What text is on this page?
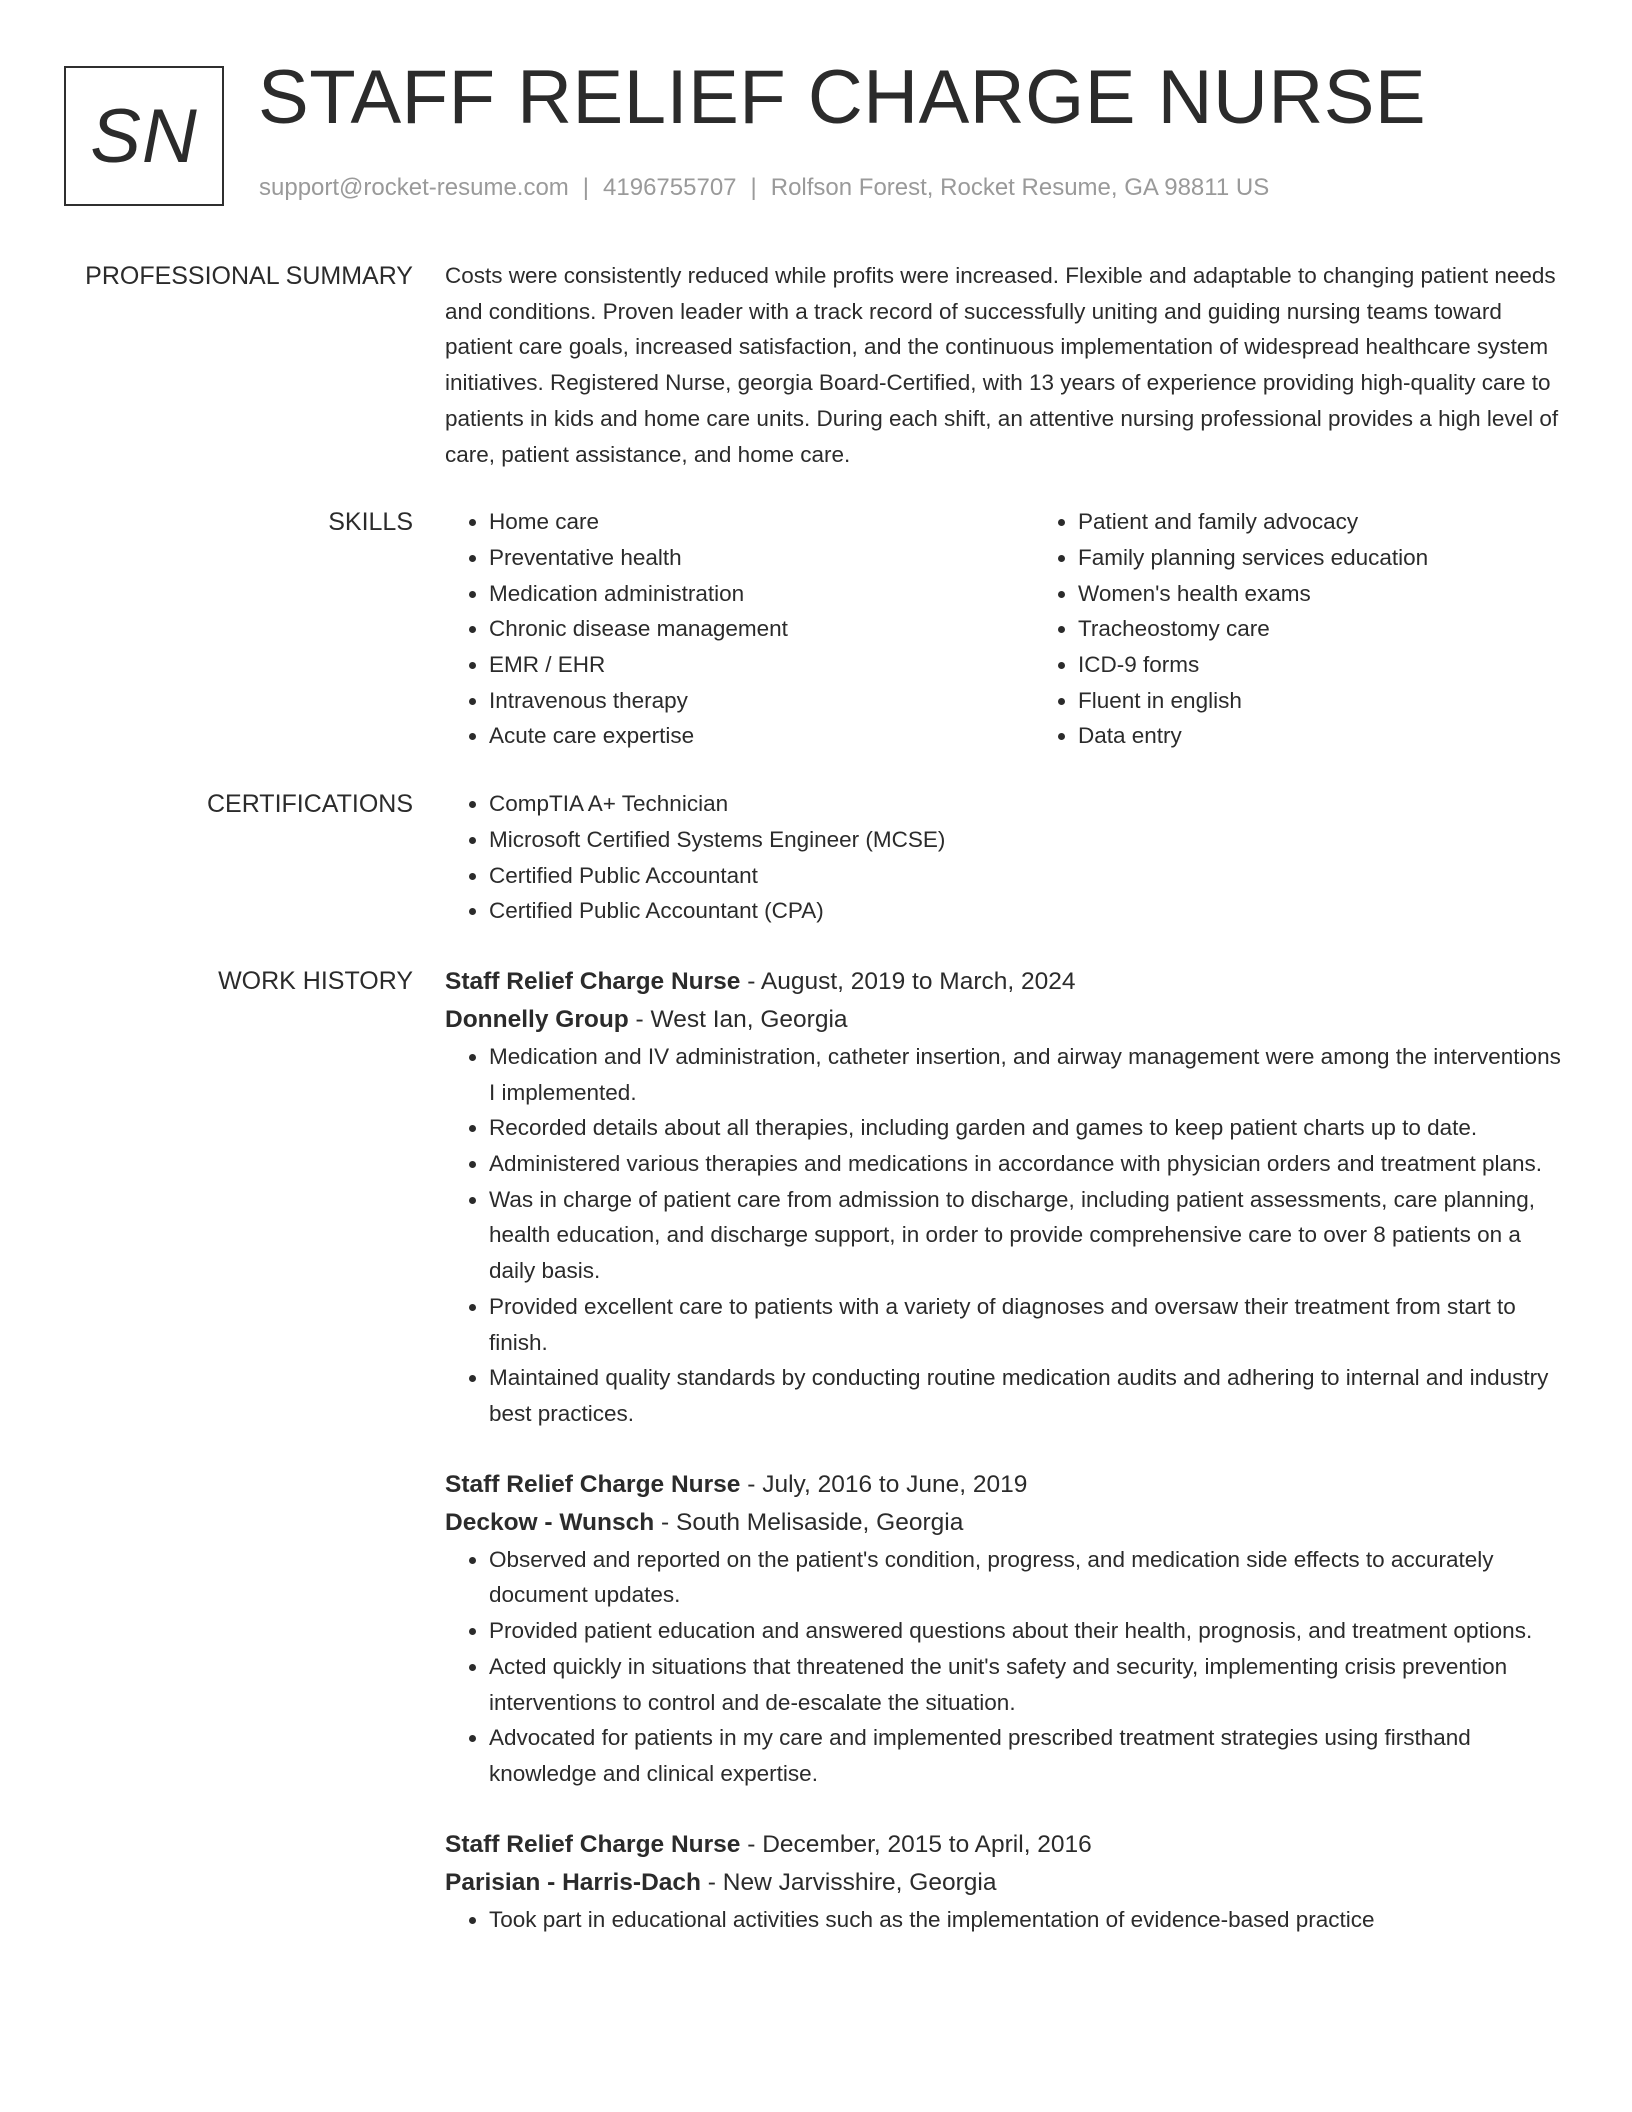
SN STAFF RELIEF CHARGE NURSE
support@rocket-resume.com | 4196755707 | Rolfson Forest, Rocket Resume, GA 98811 US
PROFESSIONAL SUMMARY Costs were consistently reduced while profits were increased. Flexible and adaptable to changing patient needs and conditions. Proven leader with a track record of successfully uniting and guiding nursing teams toward patient care goals, increased satisfaction, and the continuous implementation of widespread healthcare system initiatives. Registered Nurse, georgia Board-Certified, with 13 years of experience providing high-quality care to patients in kids and home care units. During each shift, an attentive nursing professional provides a high level of care, patient assistance, and home care.

SKILLS	• Home care
• Preventative health
• Medication administration
• Chronic disease management
• EMR / EHR
• Intravenous therapy
• Acute care expertise
• Patient and family advocacy
• Family planning services education
• Women's health exams
• Tracheostomy care
• ICD-9 forms
• Fluent in english
• Data entry
CERTIFICATIONS	• CompTIA A+ Technician
• Microsoft Certified Systems Engineer (MCSE)
• Certified Public Accountant
• Certified Public Accountant (CPA)
WORK HISTORY Staff Relief Charge Nurse - August, 2019 to March, 2024
Donnelly Group - West Ian, Georgia
• Medication and IV administration, catheter insertion, and airway management were among the interventions I implemented.
• Recorded details about all therapies, including garden and games to keep patient charts up to date.
• Administered various therapies and medications in accordance with physician orders and treatment plans.
• Was in charge of patient care from admission to discharge, including patient assessments, care planning, health education, and discharge support, in order to provide comprehensive care to over 8 patients on a daily basis.
• Provided excellent care to patients with a variety of diagnoses and oversaw their treatment from start to finish.
• Maintained quality standards by conducting routine medication audits and adhering to internal and industry best practices.
Staff Relief Charge Nurse - July, 2016 to June, 2019
Deckow - Wunsch - South Melisaside, Georgia
• Observed and reported on the patient's condition, progress, and medication side effects to accurately document updates.
• Provided patient education and answered questions about their health, prognosis, and treatment options.
• Acted quickly in situations that threatened the unit's safety and security, implementing crisis prevention interventions to control and de-escalate the situation.
• Advocated for patients in my care and implemented prescribed treatment strategies using firsthand knowledge and clinical expertise.
Staff Relief Charge Nurse - December, 2015 to April, 2016
Parisian - Harris-Dach - New Jarvisshire, Georgia
• Took part in educational activities such as the implementation of evidence-based practice
